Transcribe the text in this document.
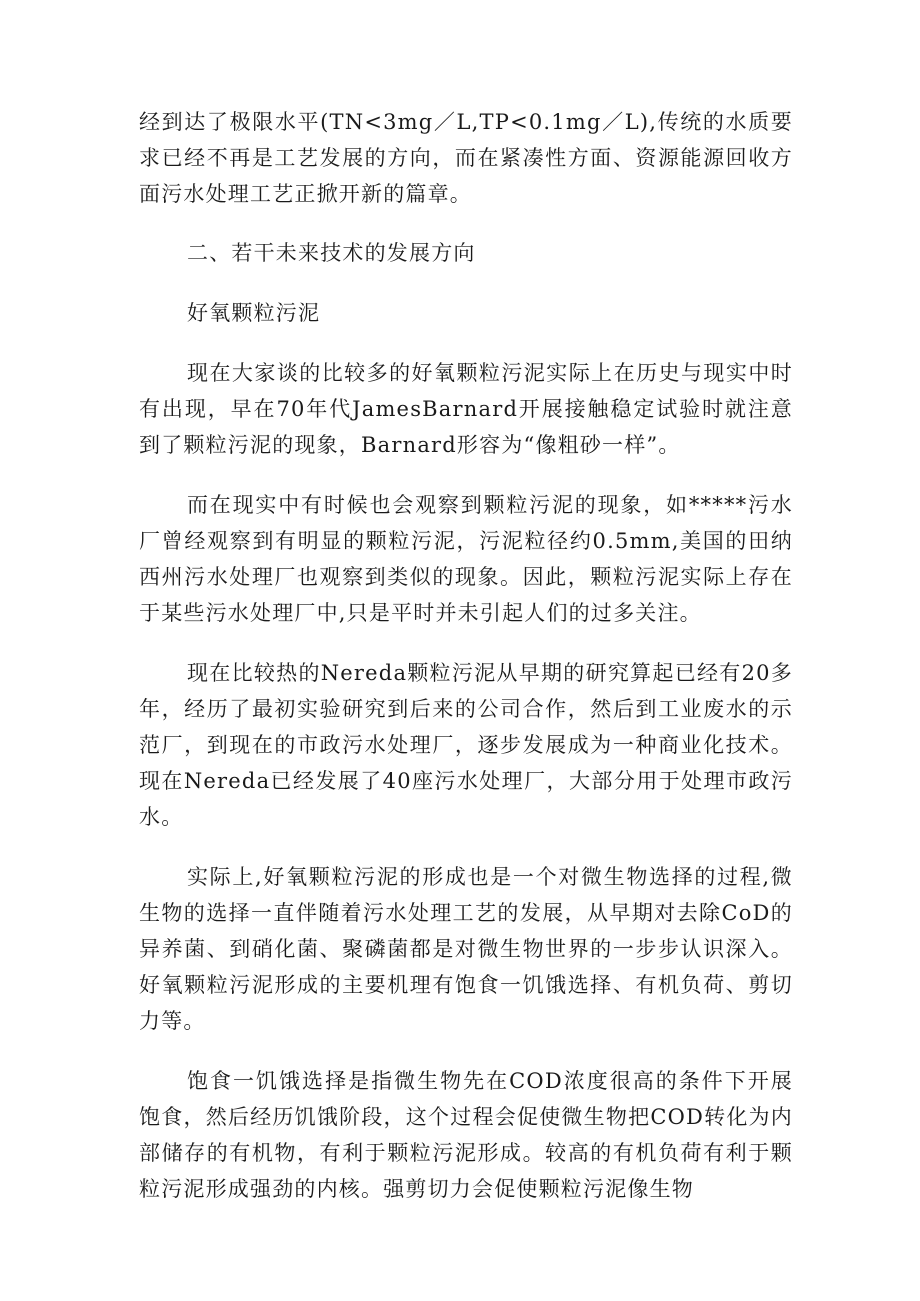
经到达了极限水平(TN<3mg／L,TP<0.1mg／L),传统的水质要求已经不再是工艺发展的方向，而在紧凑性方面、资源能源回收方面污水处理工艺正掀开新的篇章。

二、若干未来技术的发展方向

好氧颗粒污泥

现在大家谈的比较多的好氧颗粒污泥实际上在历史与现实中时有出现，早在70年代JamesBarnard开展接触稳定试验时就注意到了颗粒污泥的现象，Barnard形容为“像粗砂一样”。

而在现实中有时候也会观察到颗粒污泥的现象，如*****污水厂曾经观察到有明显的颗粒污泥，污泥粒径约0.5mm,美国的田纳西州污水处理厂也观察到类似的现象。因此，颗粒污泥实际上存在于某些污水处理厂中,只是平时并未引起人们的过多关注。

现在比较热的Nereda颗粒污泥从早期的研究算起已经有20多年，经历了最初实验研究到后来的公司合作，然后到工业废水的示范厂，到现在的市政污水处理厂，逐步发展成为一种商业化技术。现在Nereda已经发展了40座污水处理厂，大部分用于处理市政污水。

实际上,好氧颗粒污泥的形成也是一个对微生物选择的过程,微生物的选择一直伴随着污水处理工艺的发展，从早期对去除CoD的异养菌、到硝化菌、聚磷菌都是对微生物世界的一步步认识深入。好氧颗粒污泥形成的主要机理有饱食一饥饿选择、有机负荷、剪切力等。

饱食一饥饿选择是指微生物先在COD浓度很高的条件下开展饱食，然后经历饥饿阶段，这个过程会促使微生物把COD转化为内部储存的有机物，有利于颗粒污泥形成。较高的有机负荷有利于颗粒污泥形成强劲的内核。强剪切力会促使颗粒污泥像生物
